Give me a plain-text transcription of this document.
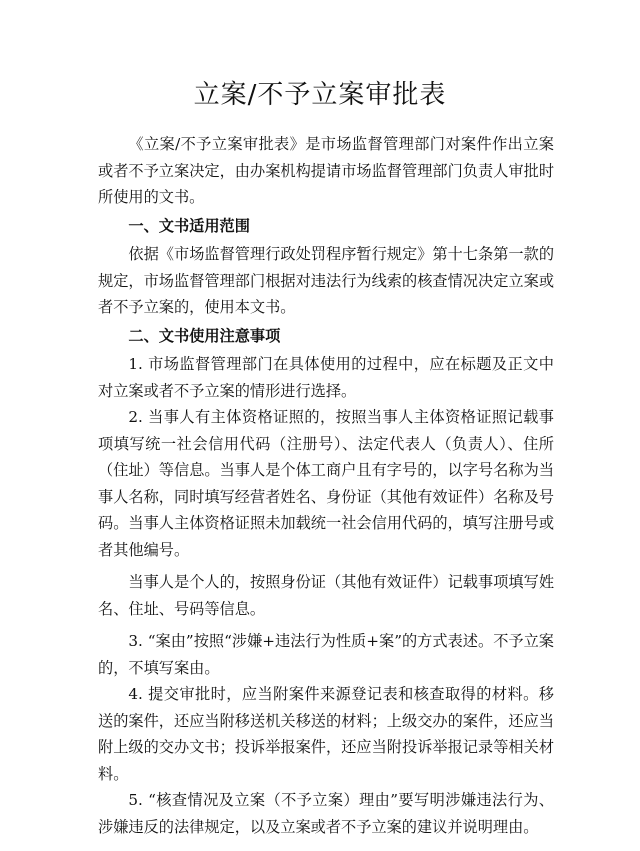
立案/不予立案审批表

《立案/不予立案审批表》是市场监督管理部门对案件作出立案或者不予立案决定，由办案机构提请市场监督管理部门负责人审批时所使用的文书。

一、文书适用范围

依据《市场监督管理行政处罚程序暂行规定》第十七条第一款的规定，市场监督管理部门根据对违法行为线索的核查情况决定立案或者不予立案的，使用本文书。

二、文书使用注意事项

1. 市场监督管理部门在具体使用的过程中，应在标题及正文中对立案或者不予立案的情形进行选择。

2. 当事人有主体资格证照的，按照当事人主体资格证照记载事项填写统一社会信用代码（注册号）、法定代表人（负责人）、住所（住址）等信息。当事人是个体工商户且有字号的，以字号名称为当事人名称，同时填写经营者姓名、身份证（其他有效证件）名称及号码。当事人主体资格证照未加载统一社会信用代码的，填写注册号或者其他编号。

当事人是个人的，按照身份证（其他有效证件）记载事项填写姓名、住址、号码等信息。

3. “案由”按照“涉嫌+违法行为性质+案”的方式表述。不予立案的，不填写案由。

4. 提交审批时，应当附案件来源登记表和核查取得的材料。移送的案件，还应当附移送机关移送的材料；上级交办的案件，还应当附上级的交办文书；投诉举报案件，还应当附投诉举报记录等相关材料。

5. “核查情况及立案（不予立案）理由”要写明涉嫌违法行为、涉嫌违反的法律规定，以及立案或者不予立案的建议并说明理由。
